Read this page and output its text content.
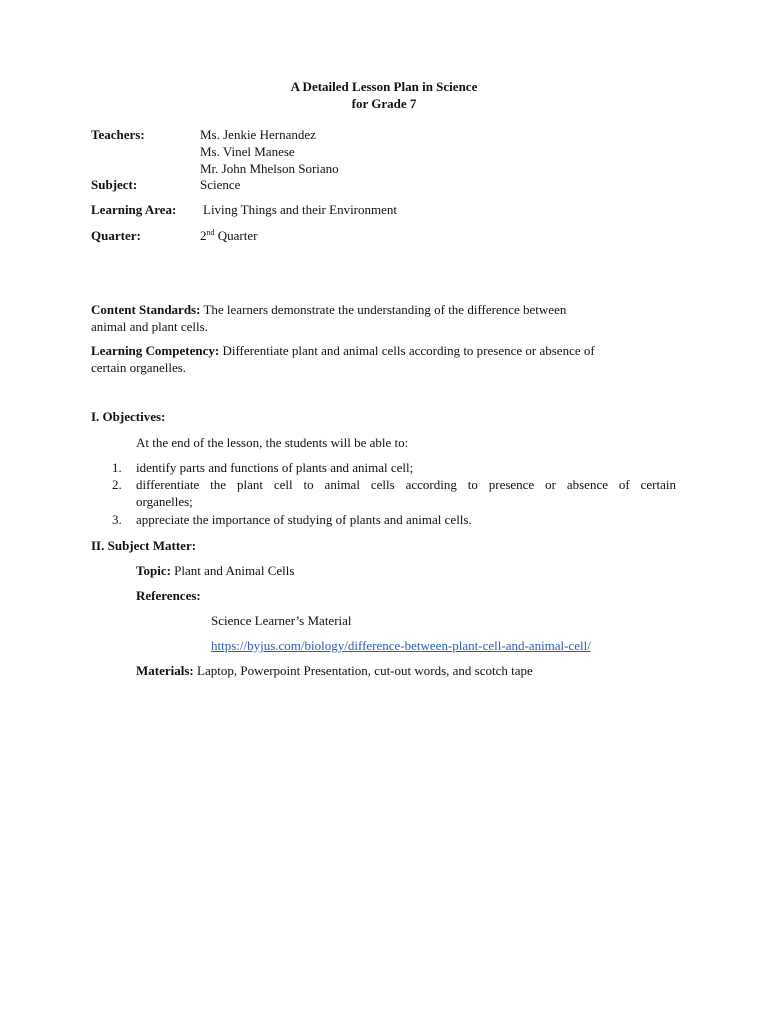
A Detailed Lesson Plan in Science
for Grade 7
Teachers:	Ms. Jenkie Hernandez
Ms. Vinel Manese
Mr. John Mhelson Soriano
Subject:	Science
Learning Area: Living Things and their Environment
Quarter:	2nd Quarter
Content Standards: The learners demonstrate the understanding of the difference between
animal and plant cells.
Learning Competency: Differentiate plant and animal cells according to presence or absence of
certain organelles.
I. Objectives:
At the end of the lesson, the students will be able to:
1. identify parts and functions of plants and animal cell;
2. differentiate the plant cell to animal cells according to presence or absence of certain
organelles;
3. appreciate the importance of studying of plants and animal cells.
II. Subject Matter:
Topic: Plant and Animal Cells
References:
Science Learner’s Material
https://byjus.com/biology/difference-between-plant-cell-and-animal-cell/
Materials: Laptop, Powerpoint Presentation, cut-out words, and scotch tape
